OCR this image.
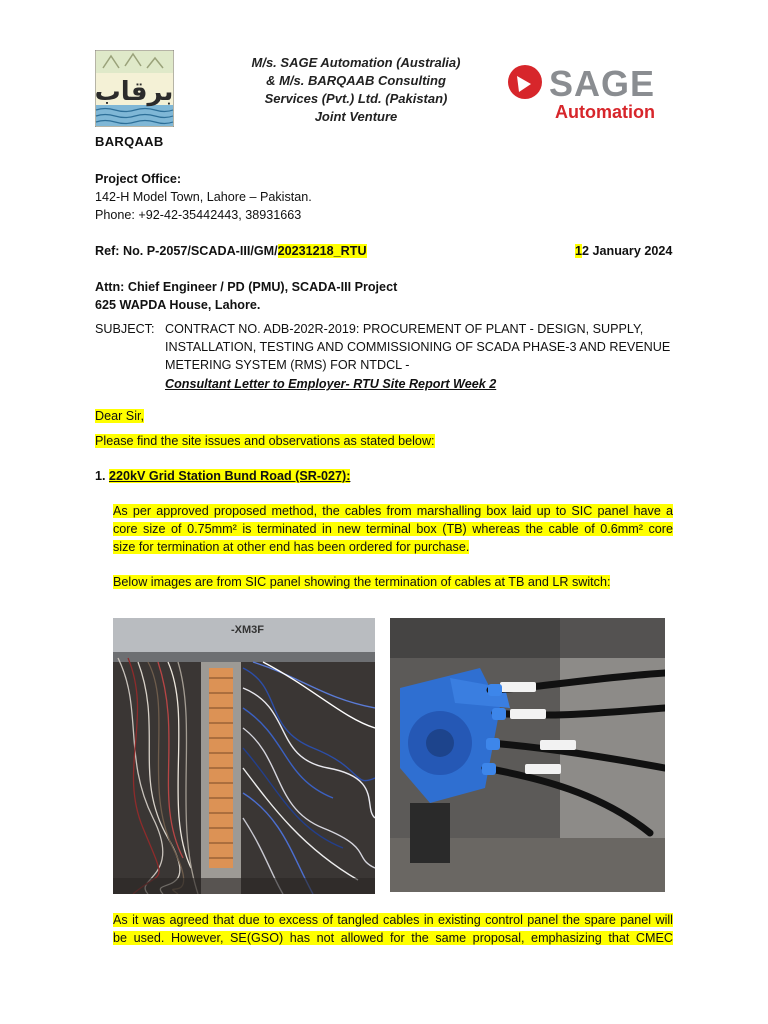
برقاب
BARQAAB
M/s. SAGE Automation (Australia)
& M/s. BARQAAB Consulting
Services (Pvt.) Ltd. (Pakistan)
Joint Venture
SAGE
Automation
Project Office:
142-H Model Town, Lahore – Pakistan.
Phone: +92-42-35442443, 38931663
Ref: No. P-2057/SCADA-III/GM/20231218_RTU	12 January 2024
Attn: Chief Engineer / PD (PMU), SCADA-III Project
625 WAPDA House, Lahore.
SUBJECT: CONTRACT NO. ADB-202R-2019: PROCUREMENT OF PLANT - DESIGN, SUPPLY,
INSTALLATION, TESTING AND COMMISSIONING OF SCADA PHASE-3 AND REVENUE
METERING SYSTEM (RMS) FOR NTDCL -
Consultant Letter to Employer- RTU Site Report Week 2
Dear Sir,
Please find the site issues and observations as stated below:
1. 220kV Grid Station Bund Road (SR-027):
As per approved proposed method, the cables from marshalling box laid up to SIC panel have a
core size of 0.75mm² is terminated in new terminal box (TB) whereas the cable of 0.6mm² core
size for termination at other end has been ordered for purchase.
Below images are from SIC panel showing the termination of cables at TB and LR switch:
-XM3F
As it was agreed that due to excess of tangled cables in existing control panel the spare panel will
be used. However, SE(GSO) has not allowed for the same proposal, emphasizing that CMEC
